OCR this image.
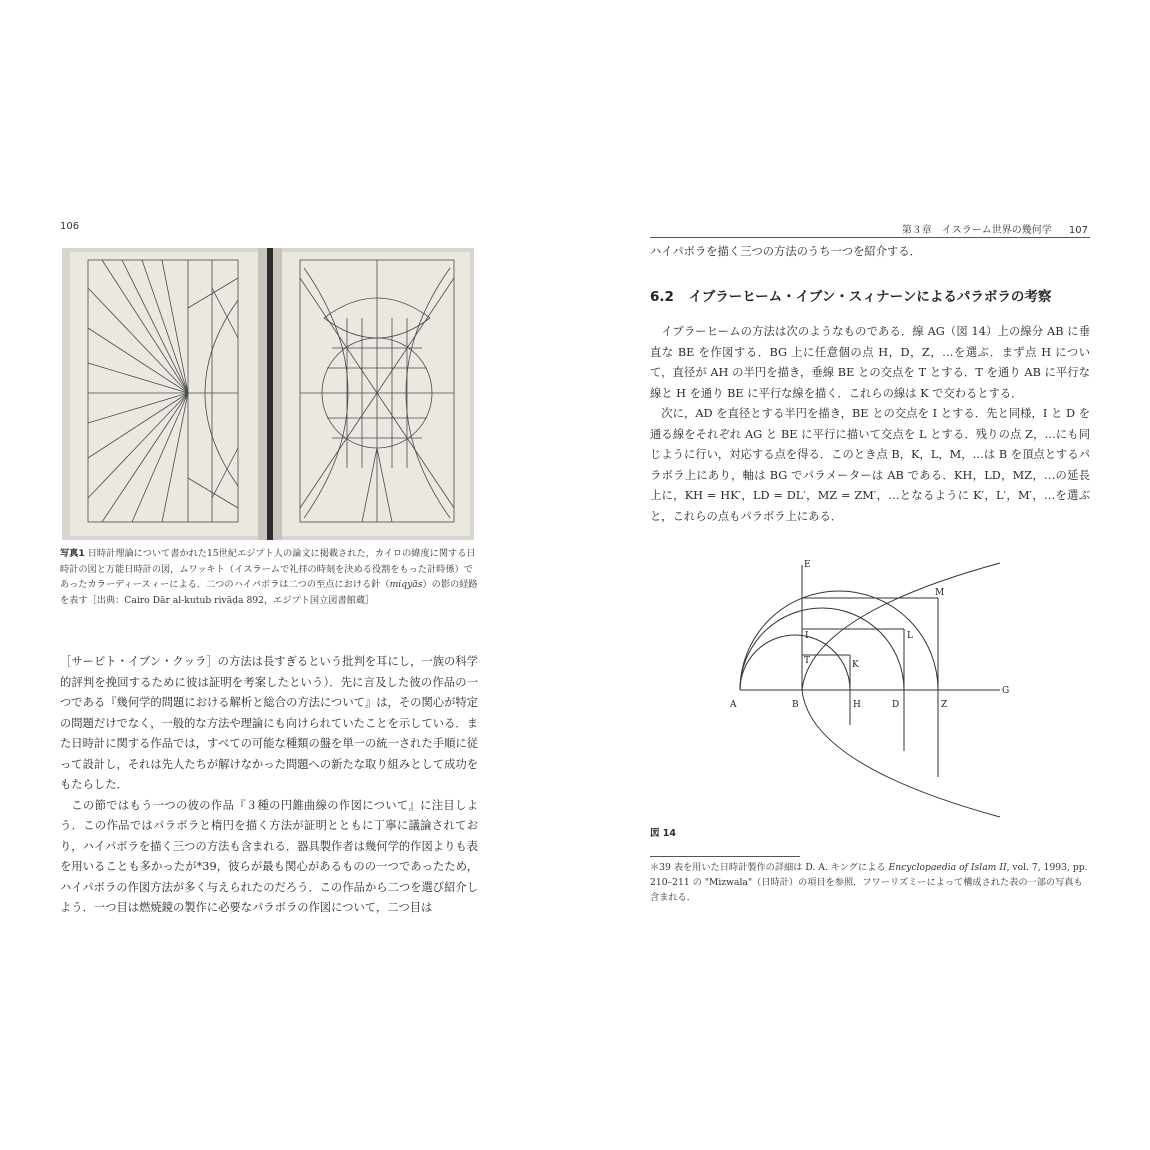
106
写真1 日時計理論について書かれた15世紀エジプト人の論文に掲載された，カイロの緯度に関する日時計の図と万能日時計の図，ムワッキト（イスラームで礼拝の時刻を決める役割をもった計時係）であったカラーディースィーによる．二つのハイパボラは二つの至点における針（miqyās）の影の経路を表す［出典：Cairo Dār al-kutub rivāḍa 892，エジプト国立図書館蔵］

［サービト・イブン・クッラ］の方法は長すぎるという批判を耳にし，一族の科学的評判を挽回するために彼は証明を考案したという）．先に言及した彼の作品の一つである『幾何学的問題における解析と総合の方法について』は，その関心が特定の問題だけでなく，一般的な方法や理論にも向けられていたことを示している．また日時計に関する作品では，すべての可能な種類の盤を単一の統一された手順に従って設計し，それは先人たちが解けなかった問題への新たな取り組みとして成功をもたらした．

この節ではもう一つの彼の作品『３種の円錐曲線の作図について』に注目しよう．この作品ではパラボラと楕円を描く方法が証明とともに丁寧に議論されており，ハイパボラを描く三つの方法も含まれる．器具製作者は幾何学的作図よりも表を用いることも多かったが*39，彼らが最も関心があるものの一つであったため，ハイパボラの作図方法が多く与えられたのだろう．この作品から二つを選び紹介しよう．一つ目は燃焼鏡の製作に必要なパラボラの作図について，二つ目は

第３章　イスラーム世界の幾何学 107
ハイパボラを描く三つの方法のうち一つを紹介する．
6.2 イブラーヒーム・イブン・スィナーンによるパラボラの考察

イブラーヒームの方法は次のようなものである．線 AG（図 14）上の線分 AB に垂直な BE を作図する．BG 上に任意個の点 H，D，Z，…を選ぶ．まず点 H について，直径が AH の半円を描き，垂線 BE との交点を T とする．T を通り AB に平行な線と H を通り BE に平行な線を描く．これらの線は K で交わるとする．

次に，AD を直径とする半円を描き，BE との交点を I とする．先と同様，I と D を通る線をそれぞれ AG と BE に平行に描いて交点を L とする．残りの点 Z，…にも同じように行い，対応する点を得る．このとき点 B，K，L，M，…は B を頂点とするパラボラ上にあり，軸は BG でパラメーターは AB である．KH，LD，MZ，…の延長上に，KH = HK′，LD = DL′，MZ = ZM′，…となるように K′，L′，M′，…を選ぶと，これらの点もパラボラ上にある．

E
M
I	L
T	K
G
A	B	H	D	Z
図 14
＊39 表を用いた日時計製作の詳細は D. A. キングによる Encyclopaedia of Islam II, vol. 7, 1993, pp. 210–211 の "Mizwala"（日時計）の項目を参照．フワーリズミーによって構成された表の一部の写真も含まれる．
